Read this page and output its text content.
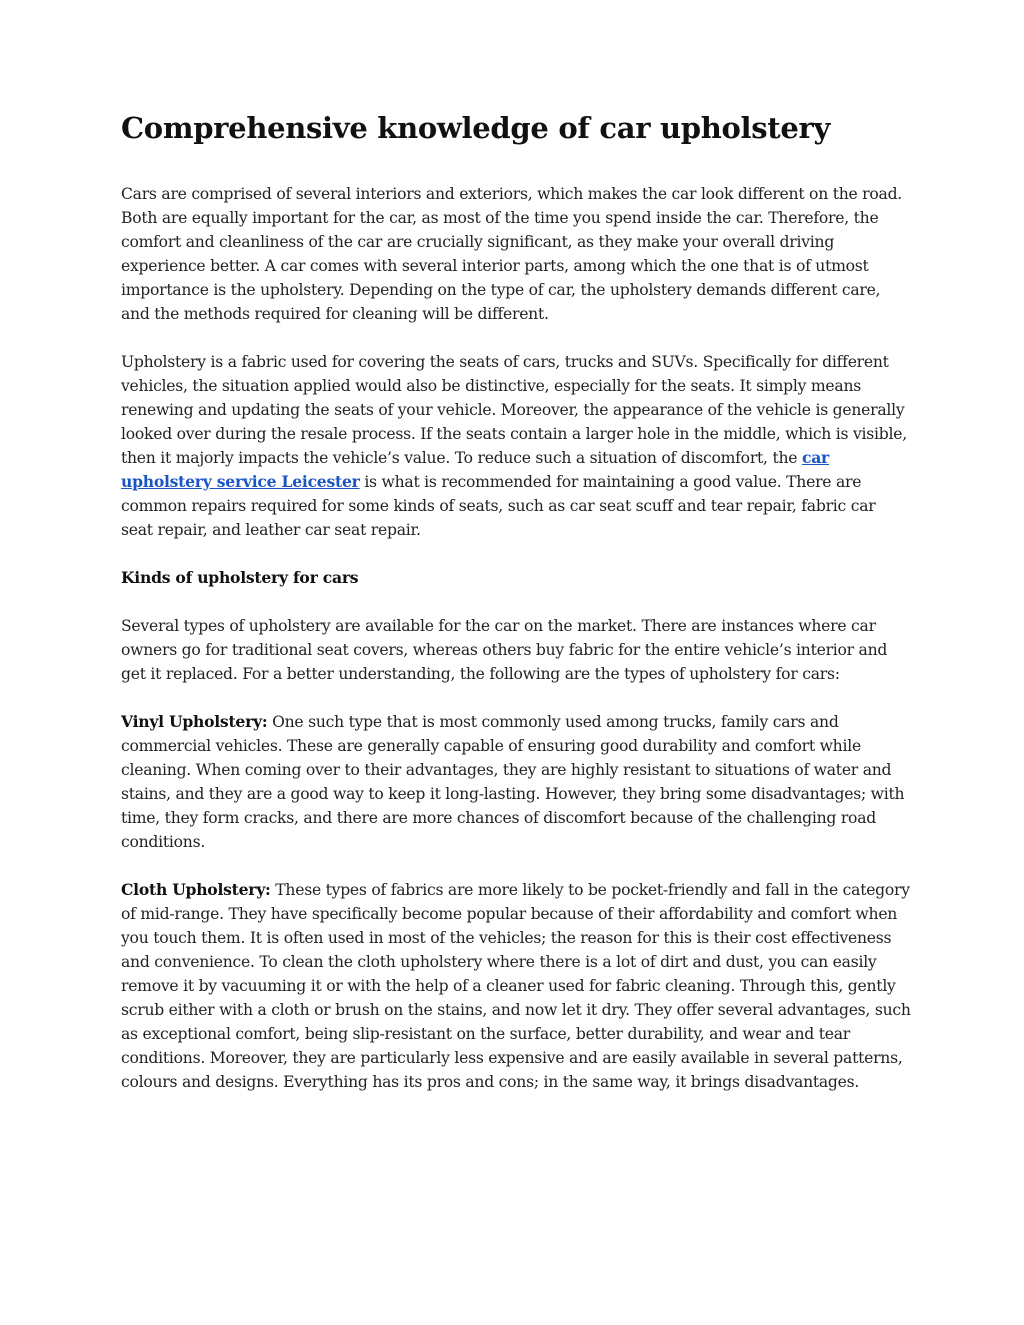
Comprehensive knowledge of car upholstery

Cars are comprised of several interiors and exteriors, which makes the car look different on the road. Both are equally important for the car, as most of the time you spend inside the car. Therefore, the comfort and cleanliness of the car are crucially significant, as they make your overall driving experience better. A car comes with several interior parts, among which the one that is of utmost importance is the upholstery. Depending on the type of car, the upholstery demands different care, and the methods required for cleaning will be different.

Upholstery is a fabric used for covering the seats of cars, trucks and SUVs. Specifically for different vehicles, the situation applied would also be distinctive, especially for the seats. It simply means renewing and updating the seats of your vehicle. Moreover, the appearance of the vehicle is generally looked over during the resale process. If the seats contain a larger hole in the middle, which is visible, then it majorly impacts the vehicle’s value. To reduce such a situation of discomfort, the car upholstery service Leicester is what is recommended for maintaining a good value. There are common repairs required for some kinds of seats, such as car seat scuff and tear repair, fabric car seat repair, and leather car seat repair.

Kinds of upholstery for cars

Several types of upholstery are available for the car on the market. There are instances where car owners go for traditional seat covers, whereas others buy fabric for the entire vehicle’s interior and get it replaced. For a better understanding, the following are the types of upholstery for cars:

Vinyl Upholstery: One such type that is most commonly used among trucks, family cars and commercial vehicles. These are generally capable of ensuring good durability and comfort while cleaning. When coming over to their advantages, they are highly resistant to situations of water and stains, and they are a good way to keep it long-lasting. However, they bring some disadvantages; with time, they form cracks, and there are more chances of discomfort because of the challenging road conditions.

Cloth Upholstery: These types of fabrics are more likely to be pocket-friendly and fall in the category of mid-range. They have specifically become popular because of their affordability and comfort when you touch them. It is often used in most of the vehicles; the reason for this is their cost effectiveness and convenience. To clean the cloth upholstery where there is a lot of dirt and dust, you can easily remove it by vacuuming it or with the help of a cleaner used for fabric cleaning. Through this, gently scrub either with a cloth or brush on the stains, and now let it dry. They offer several advantages, such as exceptional comfort, being slip-resistant on the surface, better durability, and wear and tear conditions. Moreover, they are particularly less expensive and are easily available in several patterns, colours and designs. Everything has its pros and cons; in the same way, it brings disadvantages.
